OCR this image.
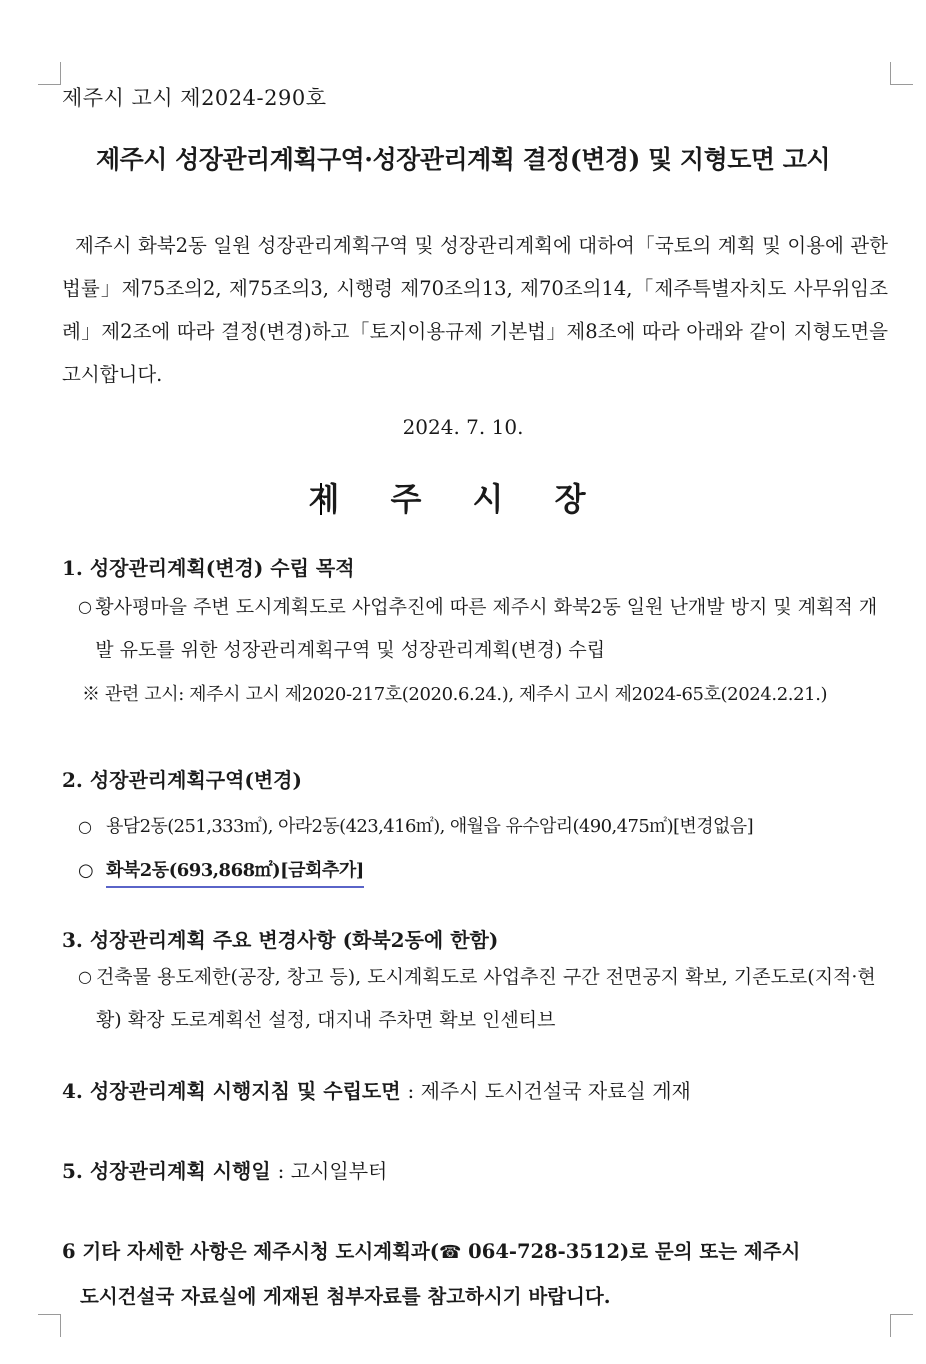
제주시 고시 제2024-290호
제주시 성장관리계획구역·성장관리계획 결정(변경) 및 지형도면 고시
제주시 화북2동 일원 성장관리계획구역 및 성장관리계획에 대하여「국토의 계획 및 이용에 관한 법률」제75조의2, 제75조의3, 시행령 제70조의13, 제70조의14,「제주특별자치도 사무위임조례」제2조에 따라 결정(변경)하고「토지이용규제 기본법」제8조에 따라 아래와 같이 지형도면을 고시합니다.
2024. 7. 10.
제 주 시 장
1. 성장관리계획(변경) 수립 목적
○ 황사평마을 주변 도시계획도로 사업추진에 따른 제주시 화북2동 일원 난개발 방지 및 계획적 개발 유도를 위한 성장관리계획구역 및 성장관리계획(변경) 수립
※ 관련 고시: 제주시 고시 제2020-217호(2020.6.24.), 제주시 고시 제2024-65호(2024.2.21.)
2. 성장관리계획구역(변경)
○ 용담2동(251,333㎡), 아라2동(423,416㎡), 애월읍 유수암리(490,475㎡)[변경없음]
○ 화북2동(693,868㎡)[금회추가]
3. 성장관리계획 주요 변경사항 (화북2동에 한함)
○ 건축물 용도제한(공장, 창고 등), 도시계획도로 사업추진 구간 전면공지 확보, 기존도로(지적·현황) 확장 도로계획선 설정, 대지내 주차면 확보 인센티브
4. 성장관리계획 시행지침 및 수립도면 : 제주시 도시건설국 자료실 게재
5. 성장관리계획 시행일 : 고시일부터
6 기타 자세한 사항은 제주시청 도시계획과(☎ 064-728-3512)로 문의 또는 제주시
도시건설국 자료실에 게재된 첨부자료를 참고하시기 바랍니다.
